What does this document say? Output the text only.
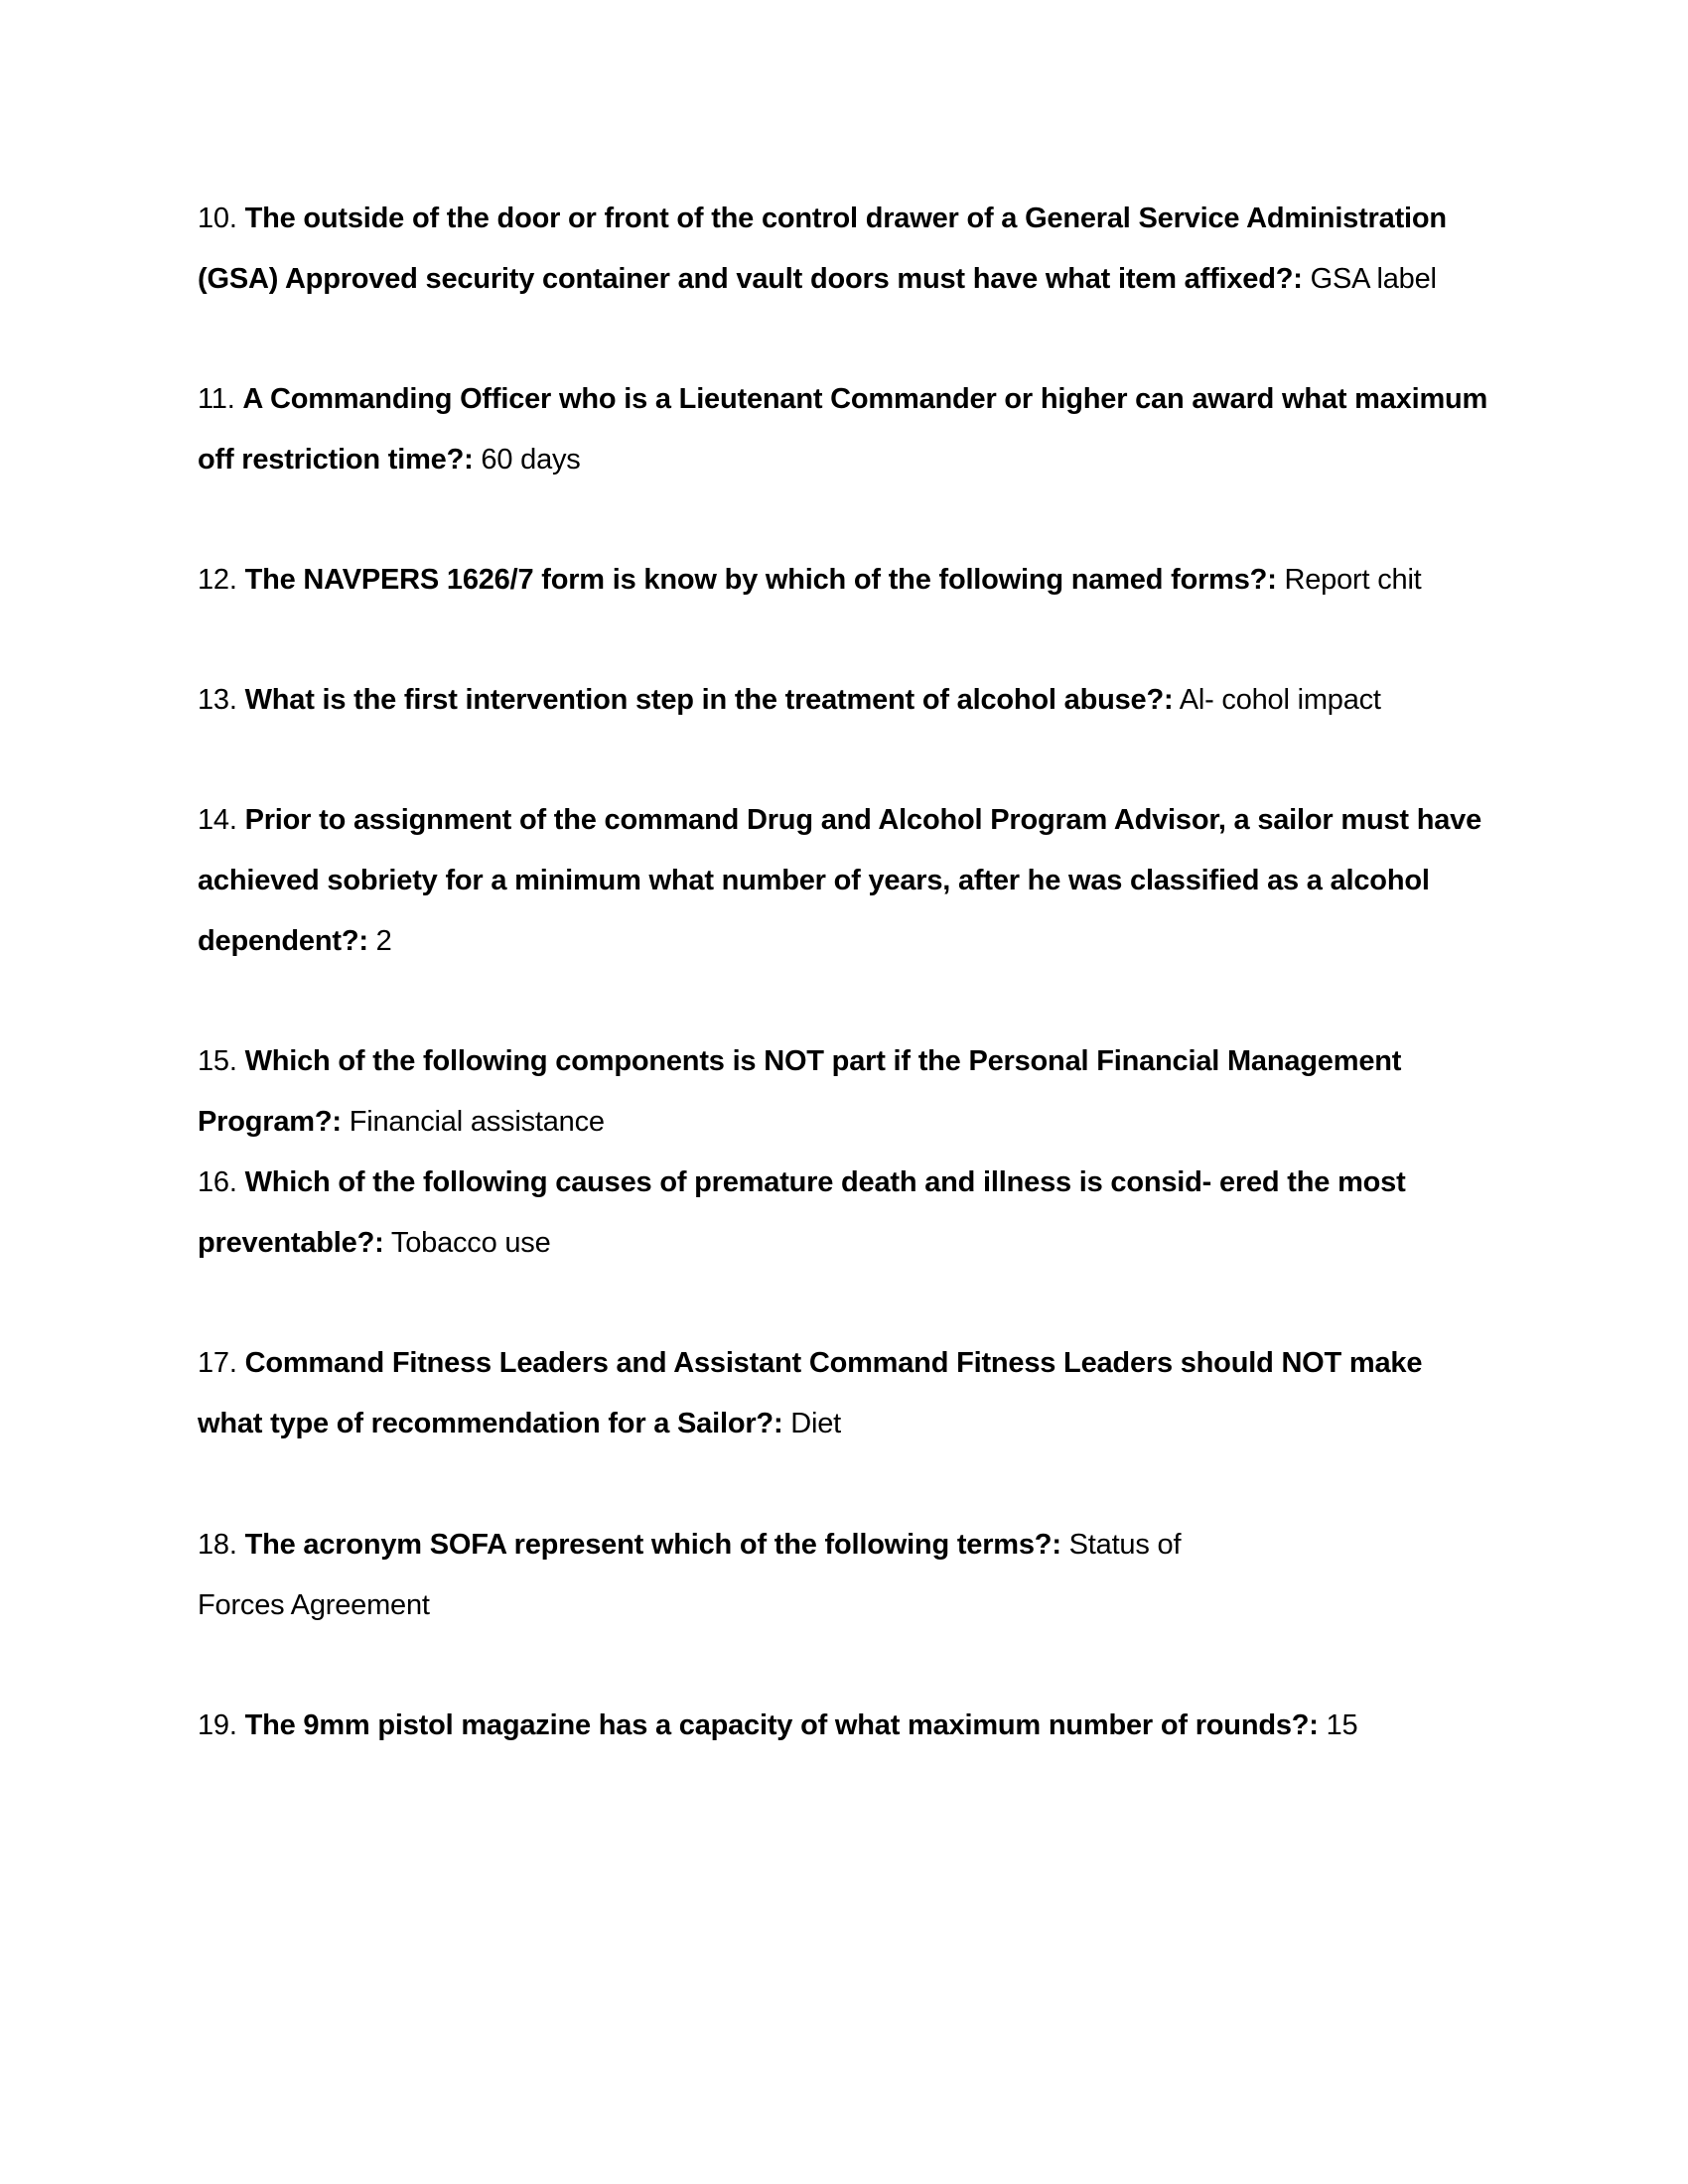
10. The outside of the door or front of the control drawer of a General Service Administration (GSA) Approved security container and vault doors must have what item affixed?: GSA label
11. A Commanding Officer who is a Lieutenant Commander or higher can award what maximum off restriction time?: 60 days
12. The NAVPERS 1626/7 form is know by which of the following named forms?: Report chit
13. What is the first intervention step in the treatment of alcohol abuse?: Al- cohol impact
14. Prior to assignment of the command Drug and Alcohol Program Advisor, a sailor must have achieved sobriety for a minimum what number of years, after he was classified as a alcohol dependent?: 2
15. Which of the following components is NOT part if the Personal Financial Management Program?: Financial assistance
16. Which of the following causes of premature death and illness is consid- ered the most preventable?: Tobacco use
17. Command Fitness Leaders and Assistant Command Fitness Leaders should NOT make what type of recommendation for a Sailor?: Diet
18. The acronym SOFA represent which of the following terms?: Status of Forces Agreement
19. The 9mm pistol magazine has a capacity of what maximum number of rounds?: 15
